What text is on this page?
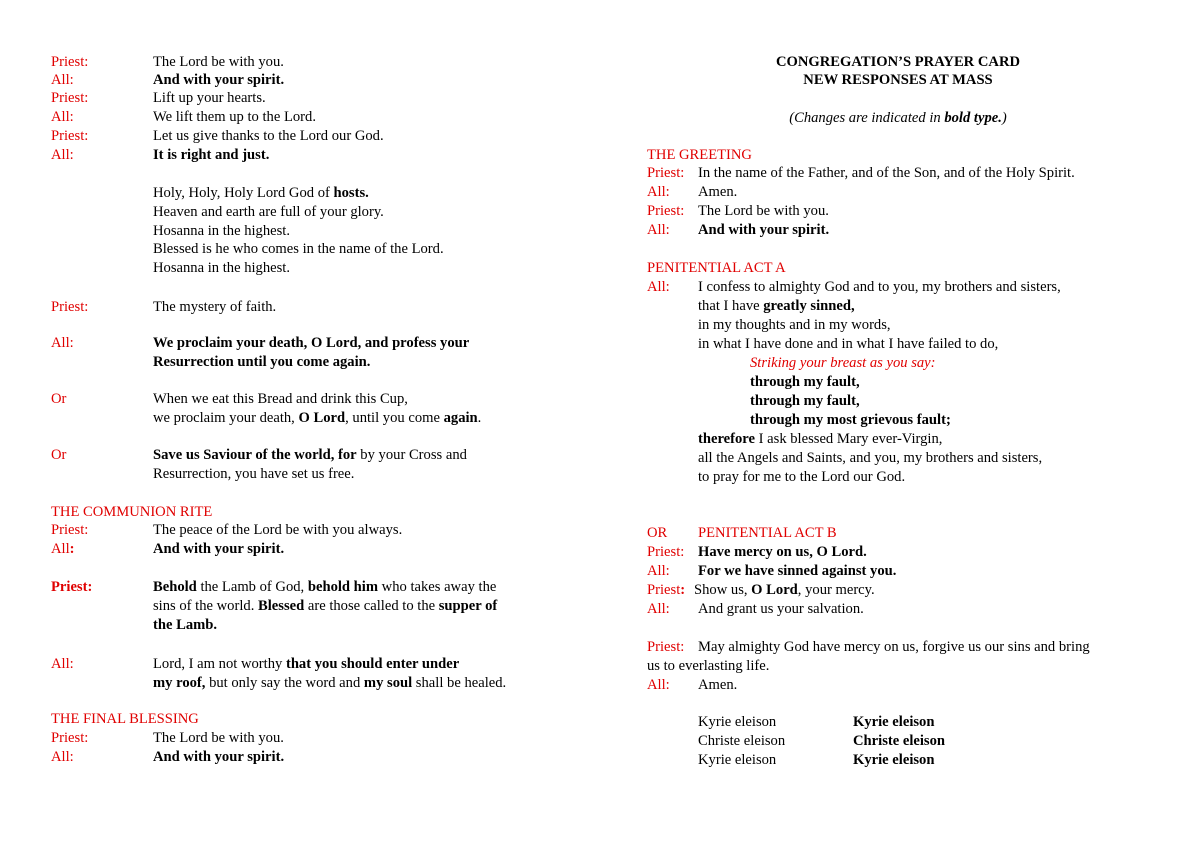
Priest:	The Lord be with you.
All:	And with your spirit.
Priest:	Lift up your hearts.
All:	We lift them up to the Lord.
Priest:	Let us give thanks to the Lord our God.
All:	It is right and just.
Holy, Holy, Holy Lord God of hosts.
Heaven and earth are full of your glory.
Hosanna in the highest.
Blessed is he who comes in the name of the Lord.
Hosanna in the highest.
Priest:	The mystery of faith.
All:	We proclaim your death, O Lord, and profess your
Resurrection until you come again.
Or	When we eat this Bread and drink this Cup,
we proclaim your death, O Lord, until you come again.
Or	Save us Saviour of the world, for by your Cross and
Resurrection, you have set us free.
THE COMMUNION RITE
Priest:	The peace of the Lord be with you always.
All:	And with your spirit.
Priest:	Behold the Lamb of God, behold him who takes away the
sins of the world. Blessed are those called to the supper of
the Lamb.
All:	Lord, I am not worthy that you should enter under
my roof, but only say the word and my soul shall be healed.
THE FINAL BLESSING
Priest:	The Lord be with you.
All:	And with your spirit.
CONGREGATION’S PRAYER CARD
NEW RESPONSES AT MASS
(Changes are indicated in bold type.)
THE GREETING
Priest: In the name of the Father, and of the Son, and of the Holy Spirit.
All: Amen.
Priest: The Lord be with you.
All: And with your spirit.
PENITENTIAL ACT A
All: I confess to almighty God and to you, my brothers and sisters,
that I have greatly sinned,
in my thoughts and in my words,
in what I have done and in what I have failed to do,
Striking your breast as you say:
through my fault,
through my fault,
through my most grievous fault;
therefore I ask blessed Mary ever-Virgin,
all the Angels and Saints, and you, my brothers and sisters,
to pray for me to the Lord our God.
OR PENITENTIAL ACT B
Priest: Have mercy on us, O Lord.
All: For we have sinned against you.
Priest: Show us, O Lord, your mercy.
All: And grant us your salvation.
Priest: May almighty God have mercy on us, forgive us our sins and bring
us to everlasting life.
All: Amen.
Kyrie eleison	Kyrie eleison
Christe eleison	Christe eleison
Kyrie eleison	Kyrie eleison
